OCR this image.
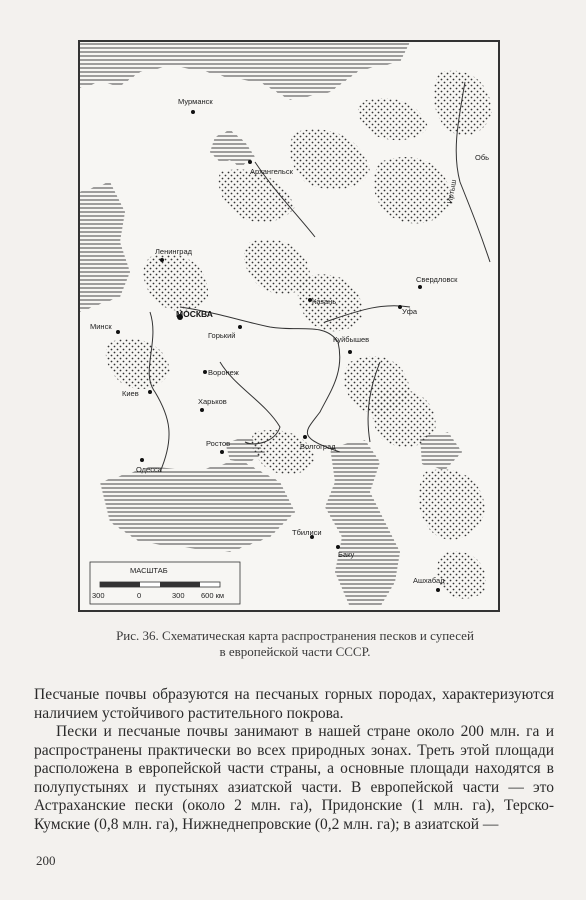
Мурманск
Архангельск
Ленинград
МОСКВА
Горький
Казань
Свердловск
Уфа
Куйбышев
Минск
Воронеж
Киев
Харьков
Волгоград
Одесса
Ростов
Тбилиси
Баку
Ашхабад
Обь
Иртыш
МАСШТАБ
300	0	300 600 км
Рис. 36. Схематическая карта распространения песков и супесей
в европейской части СССР.

Песчаные почвы образуются на песчаных горных породах, характеризуются наличием устойчивого растительного покрова.

Пески и песчаные почвы занимают в нашей стране около 200 млн. га и распространены практически во всех природных зонах. Треть этой площади расположена в европейской части страны, а основные площади находятся в полупустынях и пустынях азиатской части. В европейской части — это Астраханские пески (около 2 млн. га), Придонские (1 млн. га), Терско-Кумские (0,8 млн. га), Нижнеднепровские (0,2 млн. га); в азиатской —

200
